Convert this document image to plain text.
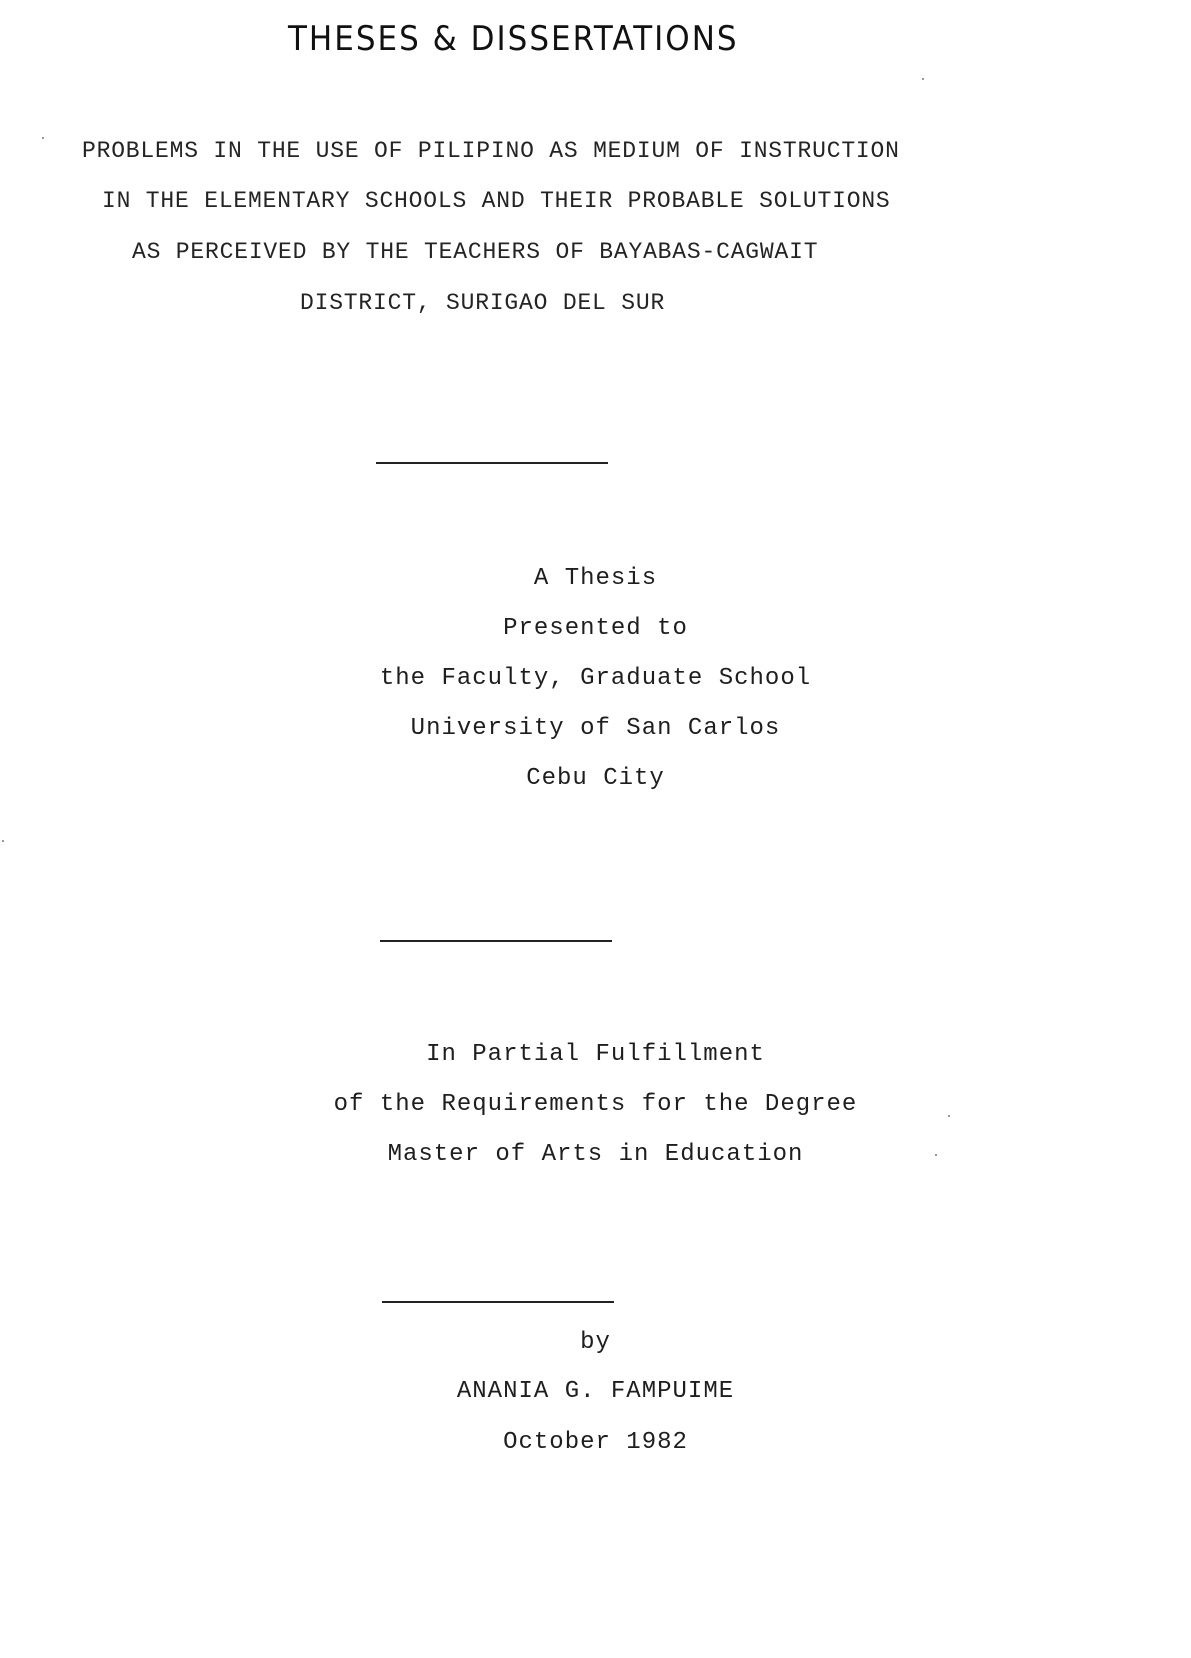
THESES & DISSERTATIONS
PROBLEMS IN THE USE OF PILIPINO AS MEDIUM OF INSTRUCTION
IN THE ELEMENTARY SCHOOLS AND THEIR PROBABLE SOLUTIONS
AS PERCEIVED BY THE TEACHERS OF BAYABAS-CAGWAIT
DISTRICT, SURIGAO DEL SUR
A Thesis
Presented to
the Faculty, Graduate School
University of San Carlos
Cebu City
In Partial Fulfillment
of the Requirements for the Degree
Master of Arts in Education
by
ANANIA G. FAMPUIME
October 1982
